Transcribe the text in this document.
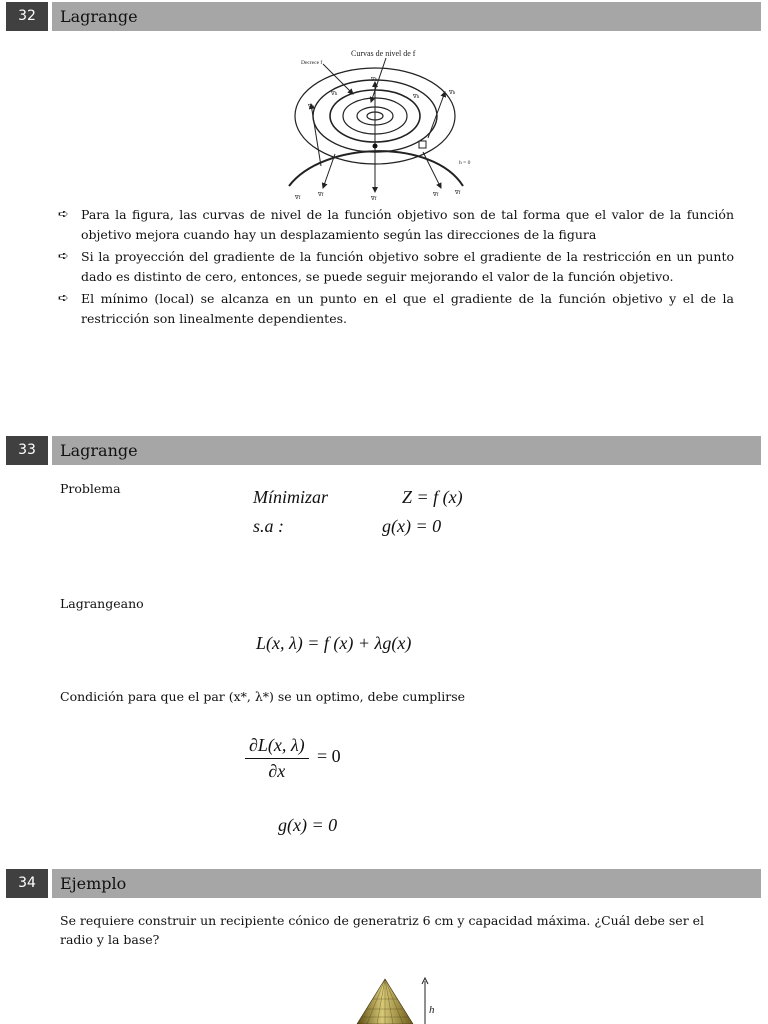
32	Lagrange
Curvas de nivel de f
Decrece f
∇h
∇h
∇h	∇h
∇h
∇f	∇f
∇f
∇f	∇f
h = 0
➪ Para la figura, las curvas de nivel de la función objetivo son de tal forma que el valor de la función objetivo mejora cuando hay un desplazamiento según las direcciones de la figura
➪ Si la proyección del gradiente de la función objetivo sobre el gradiente de la restricción en un punto dado es distinto de cero, entonces, se puede seguir mejorando el valor de la función objetivo.
➪ El mínimo (local) se alcanza en un punto en el que el gradiente de la función objetivo y el de la restricción son linealmente dependientes.
33	Lagrange
Problema	Mínimizar	Z = f (x)
s.a :	g(x) = 0
Lagrangeano
L(x, λ) = f (x) + λg(x)
Condición para que el par (x*, λ*) se un optimo, debe cumplirse
$\frac{\partial L(x, \lambda)}{\partial x} = 0$
g(x) = 0
34	Ejemplo
Se requiere construir un recipiente cónico de generatriz 6 cm y capacidad máxima. ¿Cuál debe ser el radio y la base?
h
